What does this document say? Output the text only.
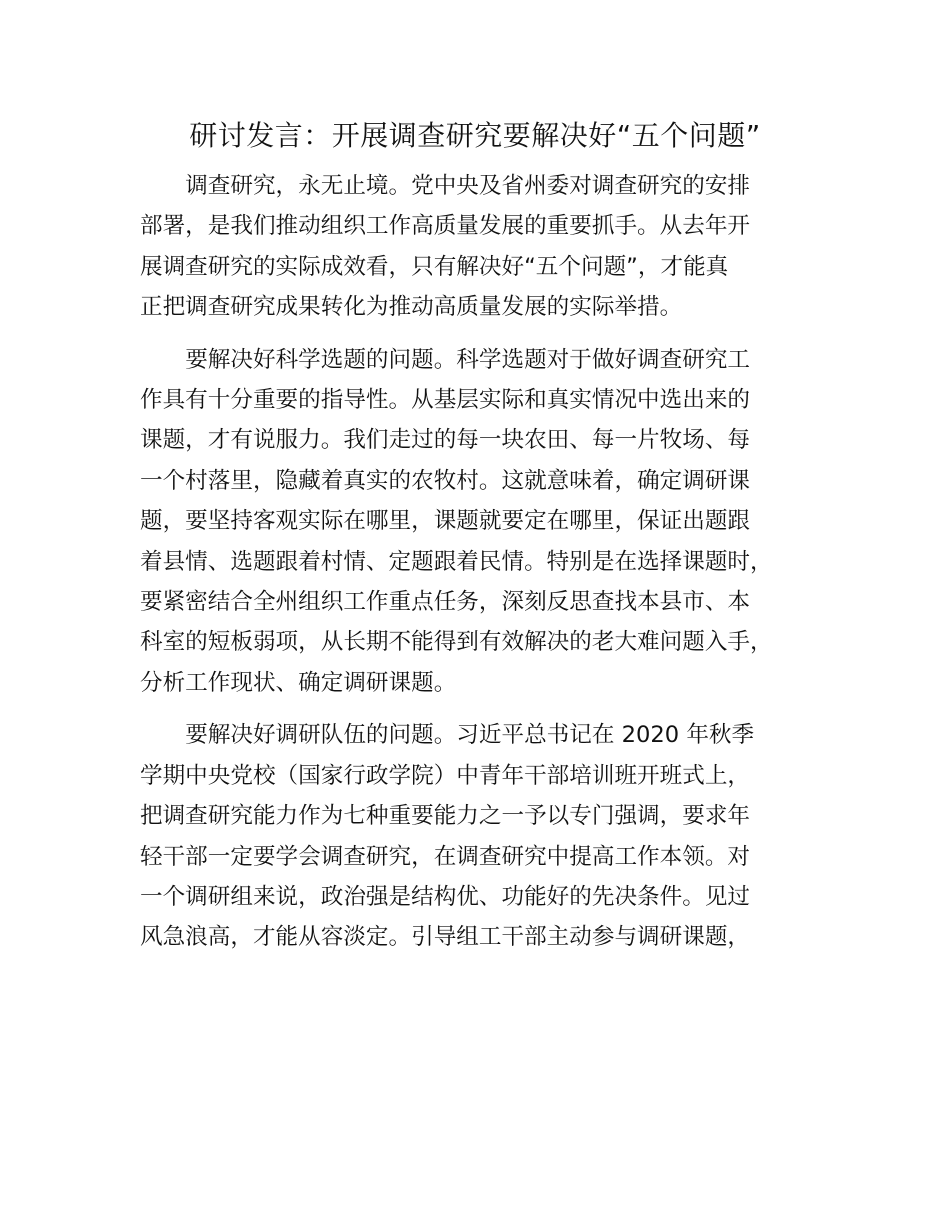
研讨发言：开展调查研究要解决好“五个问题”

调查研究，永无止境。党中央及省州委对调查研究的安排
部署，是我们推动组织工作高质量发展的重要抓手。从去年开
展调查研究的实际成效看，只有解决好“五个问题”，才能真
正把调查研究成果转化为推动高质量发展的实际举措。

要解决好科学选题的问题。科学选题对于做好调查研究工
作具有十分重要的指导性。从基层实际和真实情况中选出来的
课题，才有说服力。我们走过的每一块农田、每一片牧场、每
一个村落里，隐藏着真实的农牧村。这就意味着，确定调研课
题，要坚持客观实际在哪里，课题就要定在哪里，保证出题跟
着县情、选题跟着村情、定题跟着民情。特别是在选择课题时，
要紧密结合全州组织工作重点任务，深刻反思查找本县市、本
科室的短板弱项，从长期不能得到有效解决的老大难问题入手，
分析工作现状、确定调研课题。

要解决好调研队伍的问题。习近平总书记在 2020 年秋季
学期中央党校（国家行政学院）中青年干部培训班开班式上，
把调查研究能力作为七种重要能力之一予以专门强调，要求年
轻干部一定要学会调查研究，在调查研究中提高工作本领。对
一个调研组来说，政治强是结构优、功能好的先决条件。见过
风急浪高，才能从容淡定。引导组工干部主动参与调研课题，
